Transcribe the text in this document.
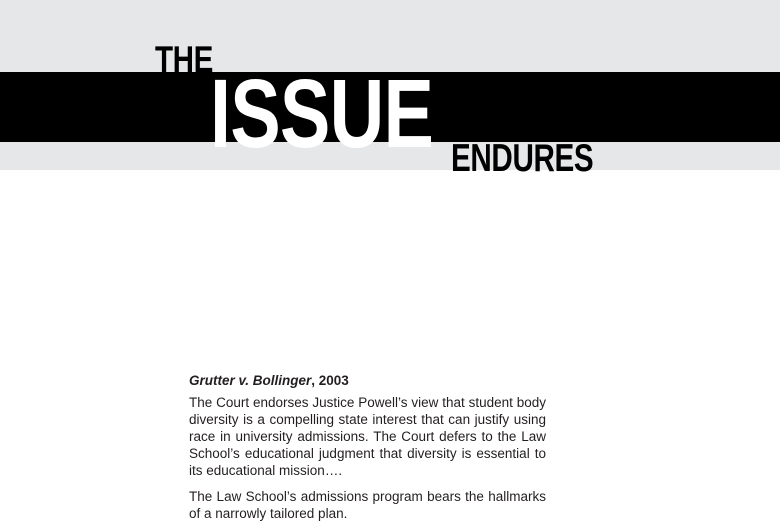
THE
ISSUE ENDURES

Grutter v. Bollinger, 2003

The Court endorses Justice Powell’s view that student body diversity is a compelling state interest that can justify using race in university admissions. The Court defers to the Law School’s educational judgment that diversity is essential to its educational mission….

The Law School’s admissions program bears the hallmarks of a narrowly tailored plan.
